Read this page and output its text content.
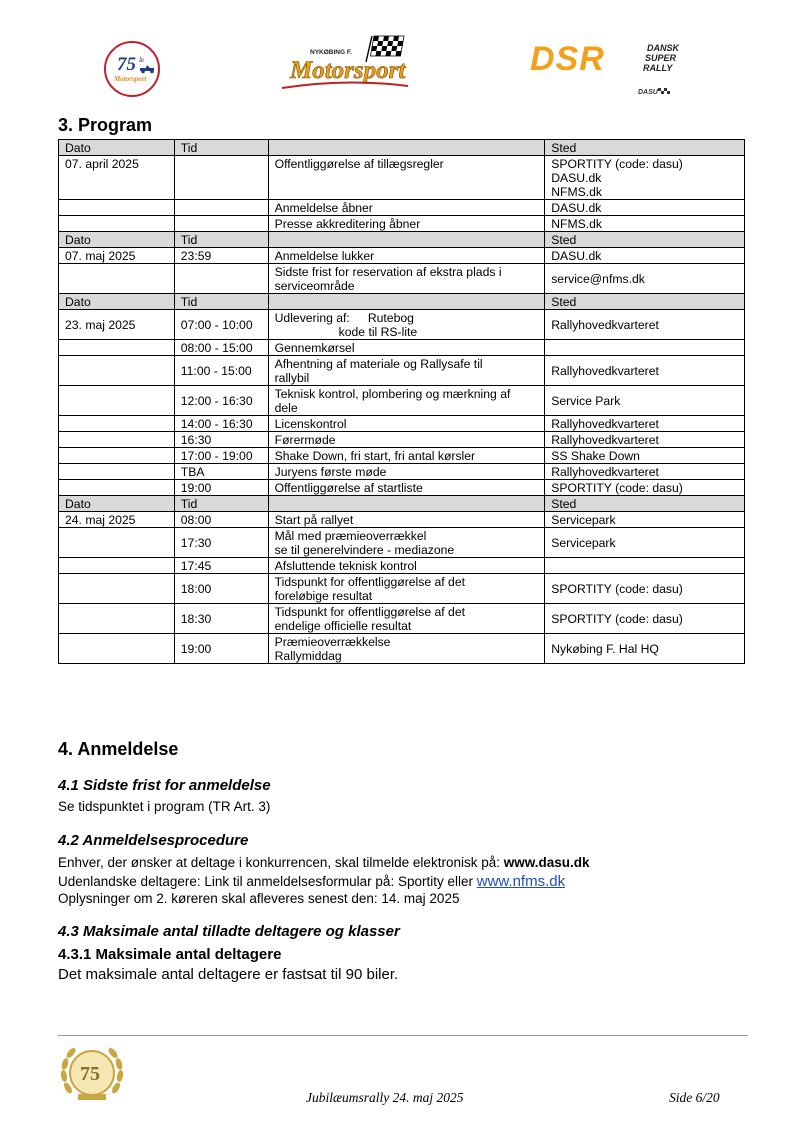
75 år
Motorsport
NYKØBING F.
Motorsport	DSR	DANSK
SUPER
RALLY
DASU
3. Program
Dato	Tid		Sted
07. april 2025		Offentliggørelse af tillægsregler	SPORTITY (code: dasu)
DASU.dk
NFMS.dk

		Anmeldelse åbner	DASU.dk
		Presse akkreditering åbner	NFMS.dk
Dato	Tid		Sted
07. maj 2025	23:59	Anmeldelse lukker	DASU.dk

		Sidste frist for reservation af ekstra plads i
serviceområde	service@nfms.dk
Dato	Tid		Sted
23. maj 2025	07:00 - 10:00	Udlevering af: Rutebog
kode til RS-lite	Rallyhovedkvarteret
	08:00 - 15:00	Gennemkørsel	
	11:00 - 15:00	Afhentning af materiale og Rallysafe til
rallybil	Rallyhovedkvarteret
	12:00 - 16:30	Teknisk kontrol, plombering og mærkning af
dele	Service Park
	14:00 - 16:30	Licenskontrol	Rallyhovedkvarteret
	16:30	Førermøde	Rallyhovedkvarteret
	17:00 - 19:00	Shake Down, fri start, fri antal kørsler	SS Shake Down
	TBA	Juryens første møde	Rallyhovedkvarteret
	19:00	Offentliggørelse af startliste	SPORTITY (code: dasu)
Dato	Tid		Sted
24. maj 2025	08:00	Start på rallyet	Servicepark
	17:30	Mål med præmieoverrækkel
se til generelvindere - mediazone	Servicepark
	17:45	Afsluttende teknisk kontrol	
	18:00	Tidspunkt for offentliggørelse af det
foreløbige resultat	SPORTITY (code: dasu)
	18:30	Tidspunkt for offentliggørelse af det
endelige officielle resultat	SPORTITY (code: dasu)
	19:00	Præmieoverrækkelse
Rallymiddag	Nykøbing F. Hal HQ
4. Anmeldelse
4.1 Sidste frist for anmeldelse
Se tidspunktet i program (TR Art. 3)
4.2 Anmeldelsesprocedure
Enhver, der ønsker at deltage i konkurrencen, skal tilmelde elektronisk på: www.dasu.dk
Udenlandske deltagere: Link til anmeldelsesformular på: Sportity eller www.nfms.dk
Oplysninger om 2. køreren skal afleveres senest den: 14. maj 2025
4.3 Maksimale antal tilladte deltagere og klasser
4.3.1 Maksimale antal deltagere
Det maksimale antal deltagere er fastsat til 90 biler.
75
Jubilæumsrally 24. maj 2025	Side 6/20
